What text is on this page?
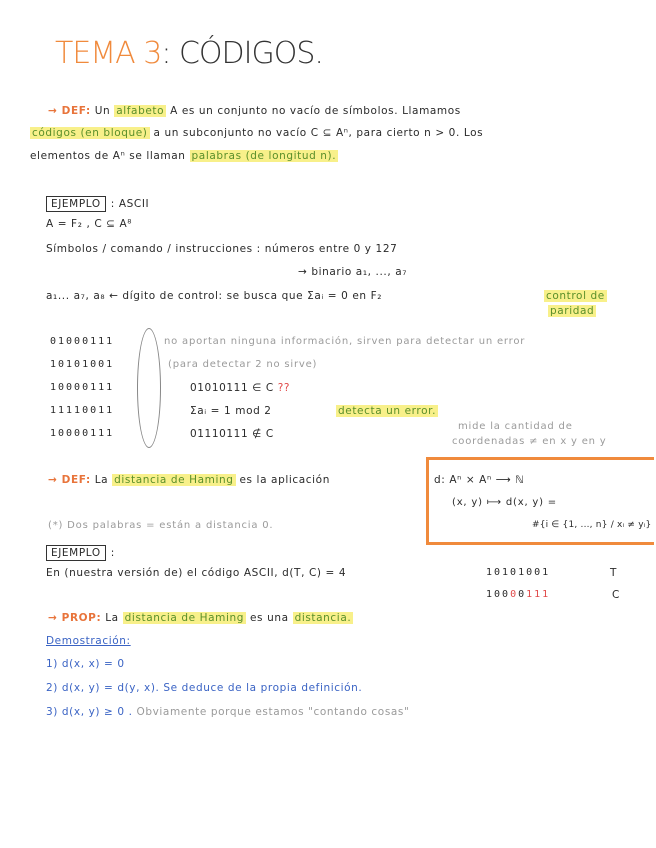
TEMA 3: CÓDIGOS.
→ DEF: Un alfabeto A es un conjunto no vacío de símbolos. Llamamos
códigos (en bloque) a un subconjunto no vacío C ⊆ Aⁿ, para cierto n > 0. Los
elementos de Aⁿ se llaman palabras (de longitud n).
EJEMPLO : ASCII
A = F₂ , C ⊆ A⁸
Símbolos / comando / instrucciones : números entre 0 y 127
→ binario a₁, ..., a₇
a₁... a₇, a₈ ← dígito de control: se busca que Σaᵢ = 0 en F₂	control de
paridad
01000111
10101001
10000111
11110011
10000111
no aportan ninguna información, sirven para detectar un error
(para detectar 2 no sirve)
01010111 ∈ C ??
Σaᵢ = 1 mod 2	detecta un error.
01110111 ∉ C
mide la cantidad de
coordenadas ≠ en x y en y
→ DEF: La distancia de Haming es la aplicación	d: Aⁿ × Aⁿ ⟶ ℕ
(x, y) ⟼ d(x, y) =
#{i ∈ {1, ..., n} / xᵢ ≠ yᵢ}
(*) Dos palabras = están a distancia 0.
EJEMPLO :
En (nuestra versión de) el código ASCII, d(T, C) = 4	10101001	T
10000111	C
→ PROP: La distancia de Haming es una distancia.
Demostración:
1) d(x, x) = 0
2) d(x, y) = d(y, x). Se deduce de la propia definición.
3) d(x, y) ≥ 0 . Obviamente porque estamos "contando cosas"
